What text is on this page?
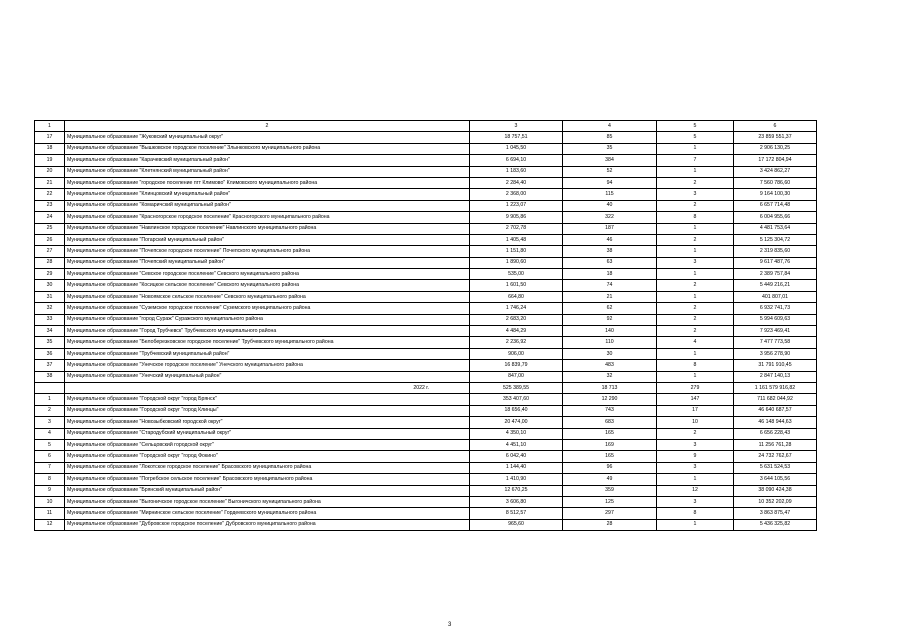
1	2	3	4	5	6
17	Муниципальное образование "Жуковский муниципальный округ"	18 757,51	85	5	23 859 551,37
18	Муниципальное образование "Вышковское городское поселение" Злынковского муниципального района	1 045,50	35	1	2 906 130,25
19	Муниципальное образование "Карачевский муниципальный район"	6 694,10	384	7	17 172 804,94
20	Муниципальное образование "Клетнянский муниципальный район"	1 183,60	52	1	3 424 862,27
21	Муниципальное образование "городское поселение пгт Климово" Климовского муниципального района	2 284,40	94	2	7 560 786,60
22	Муниципальное образование "Клинцовский муниципальный район"	2 368,00	115	3	9 164 100,30
23	Муниципальное образование "Комаричский муниципальный район"	1 223,07	40	2	6 657 714,48
24	Муниципальное образование "Красногорское городское поселение" Красногорского муниципального района	9 905,86	322	8	6 004 955,66
25	Муниципальное образование "Навлинское городское поселение" Навлинского муниципального района	2 702,78	187	1	4 481 753,64
26	Муниципальное образование "Погарский муниципальный район"	1 405,48	46	2	5 125 304,72
27	Муниципальное образование "Почепское городское поселение" Почепского муниципального района	1 151,80	38	1	2 319 835,60
28	Муниципальное образование "Почепский муниципальный район"	1 890,60	63	3	9 617 487,76
29	Муниципальное образование "Севское городское поселение" Севского муниципального района	535,00	18	1	2 389 757,84
30	Муниципальное образование "Косицкое сельское поселение" Севского муниципального района	1 601,50	74	2	5 449 216,21
31	Муниципальное образование "Новоямское сельское поселение" Севского муниципального района	664,80	21	1	401 807,01
32	Муниципальное образование "Суземское городское поселение" Суземского муниципального района	1 746,24	62	2	6 932 741,73
33	Муниципальное образование "город Сураж" Суражского муниципального района	2 683,20	92	2	5 994 609,63
34	Муниципальное образование "Город Трубчевск" Трубчевского муниципального района	4 484,29	140	2	7 923 469,41
35	Муниципальное образование "Белоберезковское городское поселение" Трубчевского муниципального района	2 236,92	110	4	7 477 773,58
36	Муниципальное образование "Трубчевский муниципальный район"	906,00	30	1	3 956 278,90
37	Муниципальное образование "Унечское городское поселение" Унечского муниципального района	16 839,79	483	8	31 791 910,45
38	Муниципальное образование "Унечский муниципальный район"	847,00	32	1	2 847 140,13
	2022 г.	525 389,55	18 713	279	1 161 579 916,82
1	Муниципальное образование "Городской округ "город Брянск"	353 407,60	12 290	147	711 682 044,92
2	Муниципальное образование "Городской округ "город Клинцы"	18 656,40	743	17	46 640 687,57
3	Муниципальное образование "Новозыбковский городской округ"	20 474,00	683	10	46 148 944,63
4	Муниципальное образование "Стародубский муниципальный округ"	4 350,10	165	2	6 656 228,43
5	Муниципальное образование "Сельцовский городской округ"	4 451,10	169	3	11 256 761,28
6	Муниципальное образование "Городской округ "город Фокино"	6 042,40	165	9	24 732 762,67
7	Муниципальное образование "Локотское городское поселение" Брасовского муниципального района	1 144,40	96	3	5 631 524,53
8	Муниципальное образование "Погребское сельское поселение" Брасовского муниципального района	1 410,90	49	1	3 644 105,56
9	Муниципальное образование "Брянский муниципальный район"	12 670,25	359	12	38 090 424,38
10	Муниципальное образование "Выгоничское городское поселение" Выгоничского муниципального района	3 606,80	125	3	10 352 202,09
11	Муниципальное образование "Мирнинское сельское поселение" Гордеевского муниципального района	8 512,57	297	8	3 863 875,47
12	Муниципальное образование "Дубровское городское поселение" Дубровского муниципального района	965,60	28	1	5 436 325,82
3
